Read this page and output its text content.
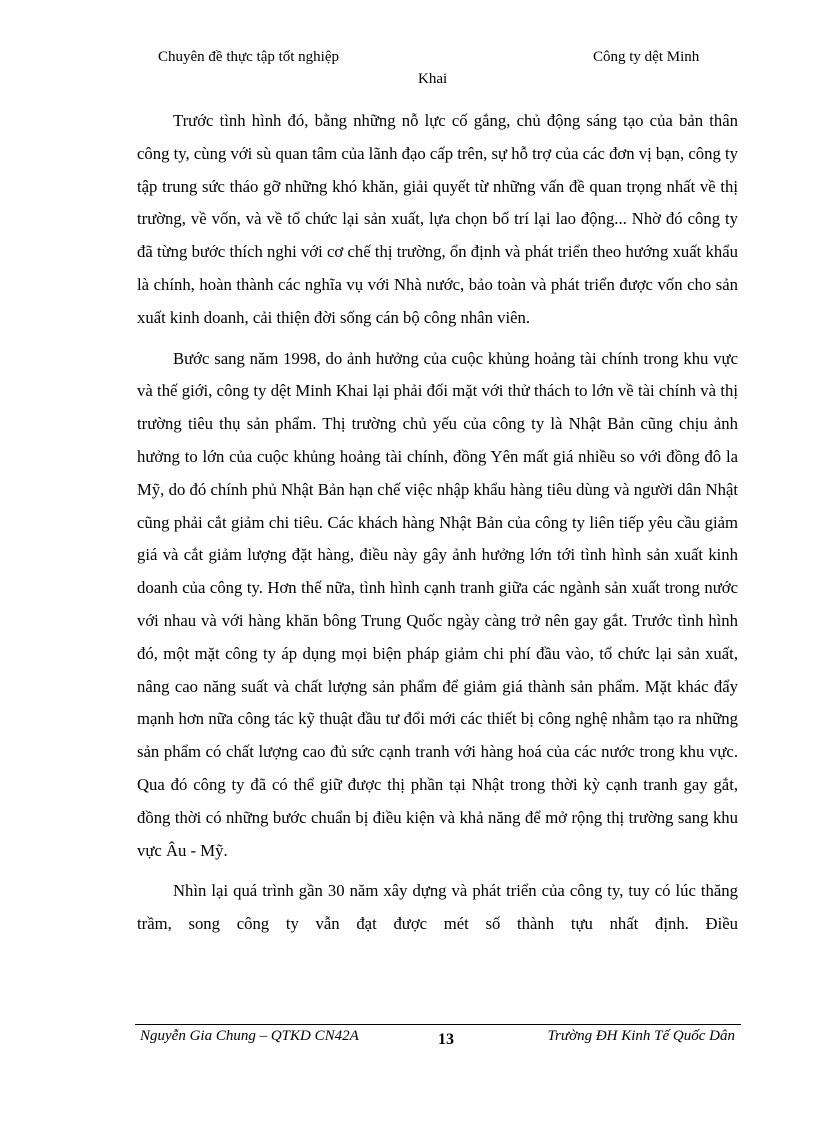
Chuyên đề thực tập tốt nghiệp	Công ty dệt Minh
Khai

Trước tình hình đó, bằng những nỗ lực cố gắng, chủ động sáng tạo của bản thân công ty, cùng với sù quan tâm của lãnh đạo cấp trên, sự hỗ trợ của các đơn vị bạn, công ty tập trung sức tháo gỡ những khó khăn, giải quyết từ những vấn đề quan trọng nhất về thị trường, về vốn, và về tổ chức lại sản xuất, lựa chọn bố trí lại lao động... Nhờ đó công ty đã từng bước thích nghi với cơ chế thị trường, ổn định và phát triển theo hướng xuất khẩu là chính, hoàn thành các nghĩa vụ với Nhà nước, bảo toàn và phát triển được vốn cho sản xuất kinh doanh, cải thiện đời sống cán bộ công nhân viên.

Bước sang năm 1998, do ảnh hưởng của cuộc khủng hoảng tài chính trong khu vực và thế giới, công ty dệt Minh Khai lại phải đối mặt với thử thách to lớn về tài chính và thị trường tiêu thụ sản phẩm. Thị trường chủ yếu của công ty là Nhật Bản cũng chịu ảnh hưởng to lớn của cuộc khủng hoảng tài chính, đồng Yên mất giá nhiều so với đồng đô la Mỹ, do đó chính phủ Nhật Bản hạn chế việc nhập khẩu hàng tiêu dùng và người dân Nhật cũng phải cắt giảm chi tiêu. Các khách hàng Nhật Bản của công ty liên tiếp yêu cầu giảm giá và cắt giảm lượng đặt hàng, điều này gây ảnh hưởng lớn tới tình hình sản xuất kinh doanh của công ty. Hơn thế nữa, tình hình cạnh tranh giữa các ngành sản xuất trong nước với nhau và với hàng khăn bông Trung Quốc ngày càng trở nên gay gắt. Trước tình hình đó, một mặt công ty áp dụng mọi biện pháp giảm chi phí đầu vào, tổ chức lại sản xuất, nâng cao năng suất và chất lượng sản phẩm để giảm giá thành sản phẩm. Mặt khác đẩy mạnh hơn nữa công tác kỹ thuật đầu tư đổi mới các thiết bị công nghệ nhằm tạo ra những sản phẩm có chất lượng cao đủ sức cạnh tranh với hàng hoá của các nước trong khu vực. Qua đó công ty đã có thể giữ được thị phần tại Nhật trong thời kỳ cạnh tranh gay gắt, đồng thời có những bước chuẩn bị điều kiện và khả năng để mở rộng thị trường sang khu vực Âu - Mỹ.

Nhìn lại quá trình gần 30 năm xây dựng và phát triển của công ty, tuy có lúc thăng trầm, song công ty vẫn đạt được mét số thành tựu nhất định. Điều

Nguyễn Gia Chung – QTKD CN42A	13	Trường ĐH Kinh Tế Quốc Dân
